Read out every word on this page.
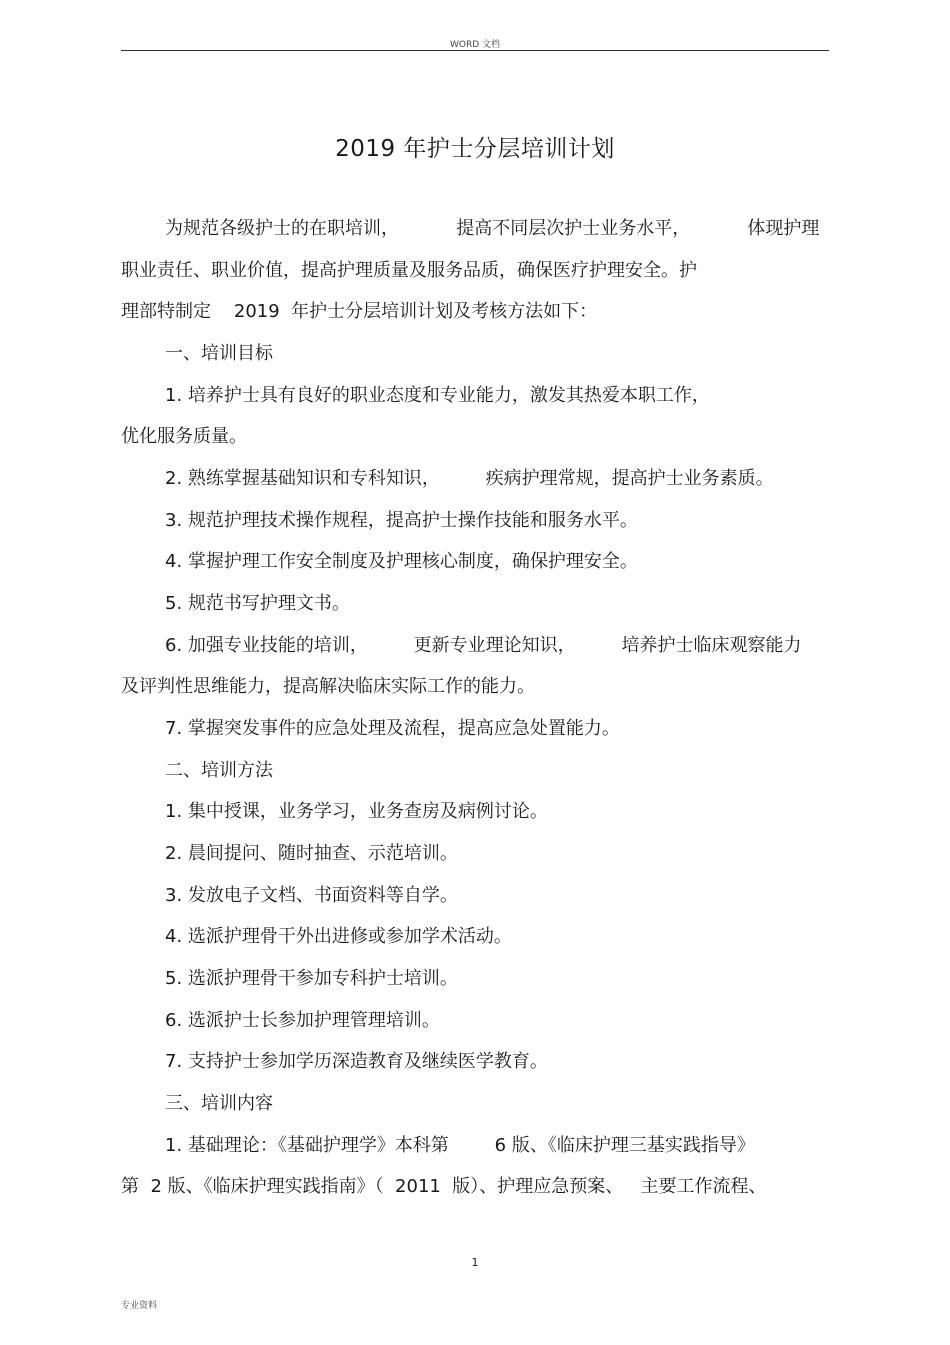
WORD 文档
2019 年护士分层培训计划
为规范各级护士的在职培训，          提高不同层次护士业务水平，          体现护理
职业责任、职业价值，提高护理质量及服务品质，确保医疗护理安全。护
理部特制定    2019  年护士分层培训计划及考核方法如下：
一、培训目标
1. 培养护士具有良好的职业态度和专业能力，激发其热爱本职工作，
优化服务质量。
2. 熟练掌握基础知识和专科知识，        疾病护理常规，提高护士业务素质。
3. 规范护理技术操作规程，提高护士操作技能和服务水平。
4. 掌握护理工作安全制度及护理核心制度，确保护理安全。
5. 规范书写护理文书。
6. 加强专业技能的培训，        更新专业理论知识，        培养护士临床观察能力
及评判性思维能力，提高解决临床实际工作的能力。
7. 掌握突发事件的应急处理及流程，提高应急处置能力。
二、培训方法
1. 集中授课，业务学习，业务查房及病例讨论。
2. 晨间提问、随时抽查、示范培训。
3. 发放电子文档、书面资料等自学。
4. 选派护理骨干外出进修或参加学术活动。
5. 选派护理骨干参加专科护士培训。
6. 选派护士长参加护理管理培训。
7. 支持护士参加学历深造教育及继续医学教育。
三、培训内容
1. 基础理论：《基础护理学》本科第        6 版、《临床护理三基实践指导》
第  2 版、《临床护理实践指南》（  2011  版）、护理应急预案、   主要工作流程、
1
专业资料
